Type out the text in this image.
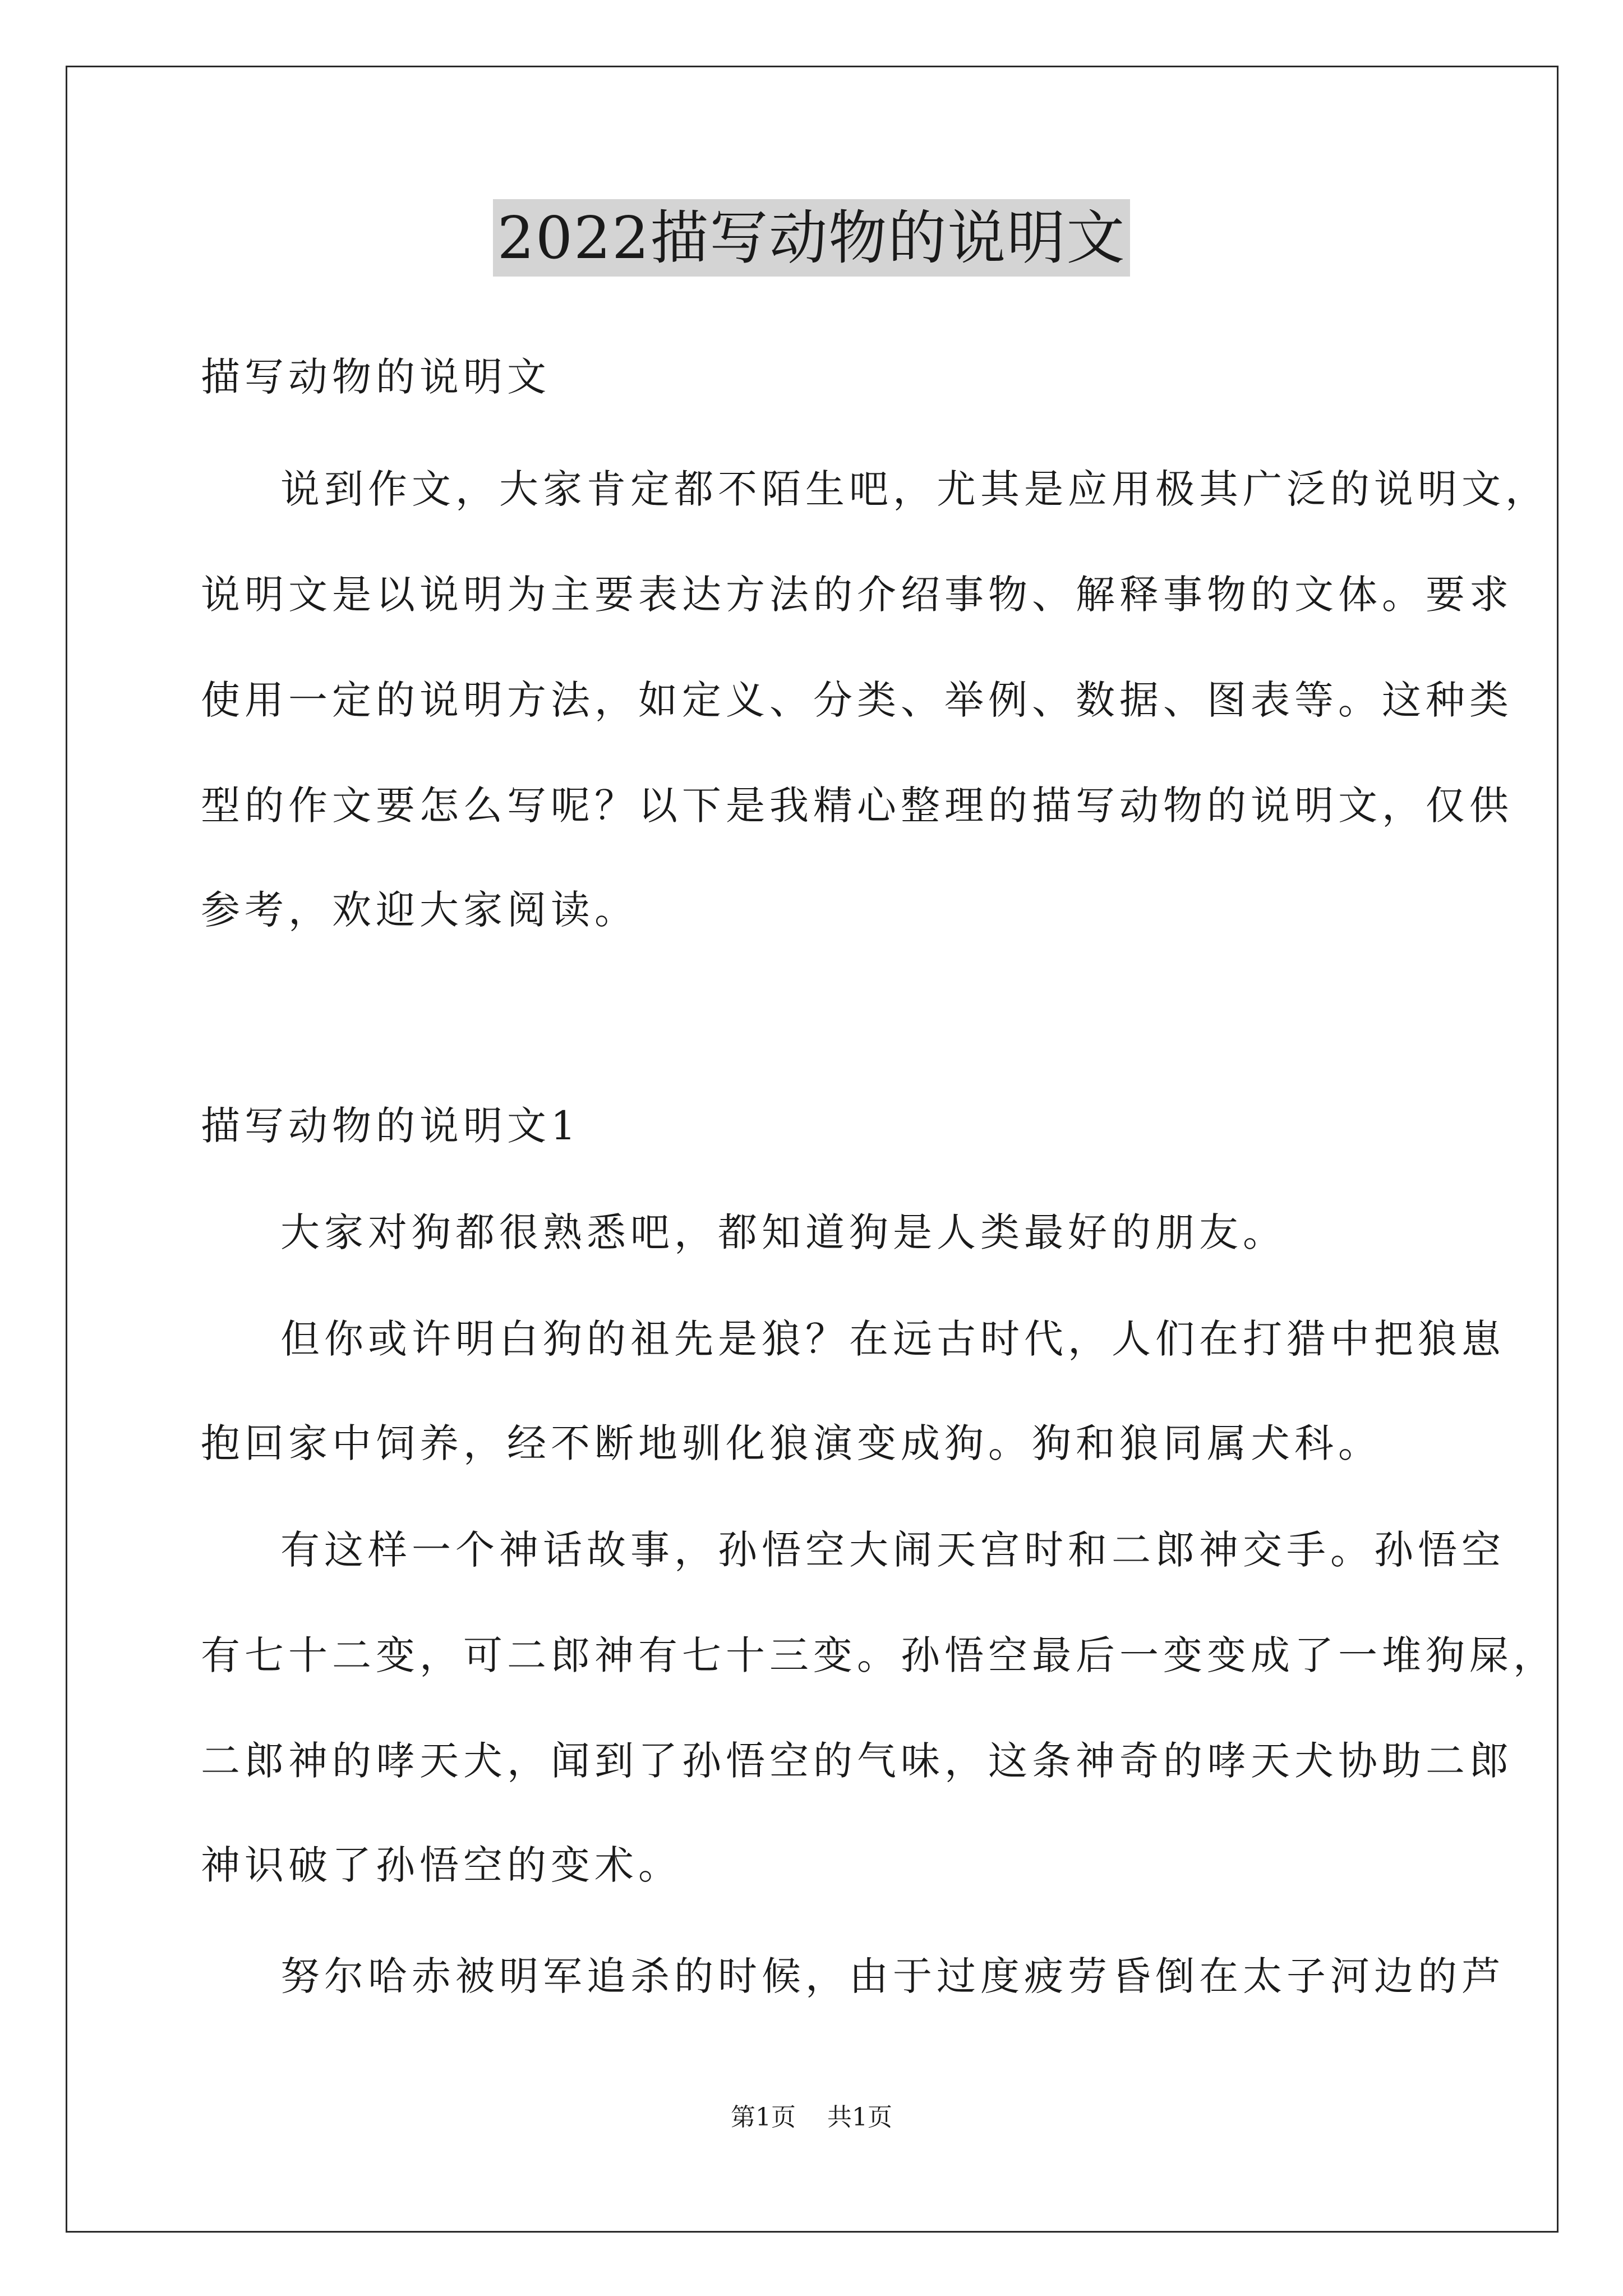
2022描写动物的说明文
描写动物的说明文
说到作文，大家肯定都不陌生吧，尤其是应用极其广泛的说明文，
说明文是以说明为主要表达方法的介绍事物、解释事物的文体。要求
使用一定的说明方法，如定义、分类、举例、数据、图表等。这种类
型的作文要怎么写呢？以下是我精心整理的描写动物的说明文，仅供
参考，欢迎大家阅读。
描写动物的说明文1
大家对狗都很熟悉吧，都知道狗是人类最好的朋友。
但你或许明白狗的祖先是狼？在远古时代，人们在打猎中把狼崽
抱回家中饲养，经不断地驯化狼演变成狗。狗和狼同属犬科。
有这样一个神话故事，孙悟空大闹天宫时和二郎神交手。孙悟空
有七十二变，可二郎神有七十三变。孙悟空最后一变变成了一堆狗屎，
二郎神的哮天犬，闻到了孙悟空的气味，这条神奇的哮天犬协助二郎
神识破了孙悟空的变术。
努尔哈赤被明军追杀的时候，由于过度疲劳昏倒在太子河边的芦
第1页 共1页
